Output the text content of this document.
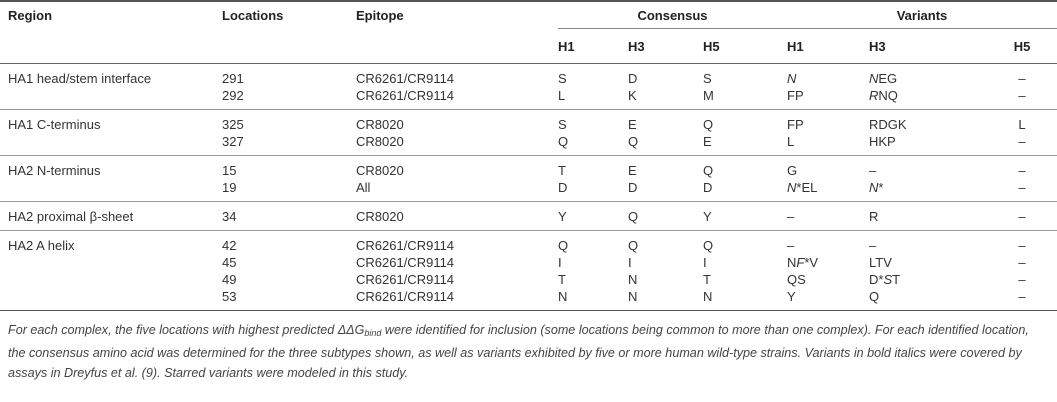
Region	Locations	Epitope	Consensus			Variants		
			H1	H3	H5	H1	H3	H5
HA1 head/stem interface	291	CR6261/CR9114	S	D	S	N	NEG	–
	292	CR6261/CR9114	L	K	M	FP	RNQ	–
HA1 C-terminus	325	CR8020	S	E	Q	FP	RDGK	L
	327	CR8020	Q	Q	E	L	HKP	–
HA2 N-terminus	15	CR8020	T	E	Q	G	–	–
	19	All	D	D	D	N*EL	N*	–
HA2 proximal β-sheet	34	CR8020	Y	Q	Y	–	R	–
HA2 A helix	42	CR6261/CR9114	Q	Q	Q	–	–	–
	45	CR6261/CR9114	I	I	I	NF*V	LTV	–
	49	CR6261/CR9114	T	N	T	QS	D*ST	–
	53	CR6261/CR9114	N	N	N	Y	Q	–
For each complex, the five locations with highest predicted $\Delta\Delta G_{bind}$ were identified for inclusion (some locations being common to more than one complex). For each identified location, the consensus amino acid was determined for the three subtypes shown, as well as variants exhibited by five or more human wild-type strains. Variants in bold italics were covered by assays in Dreyfus et al. (9). Starred variants were modeled in this study.
